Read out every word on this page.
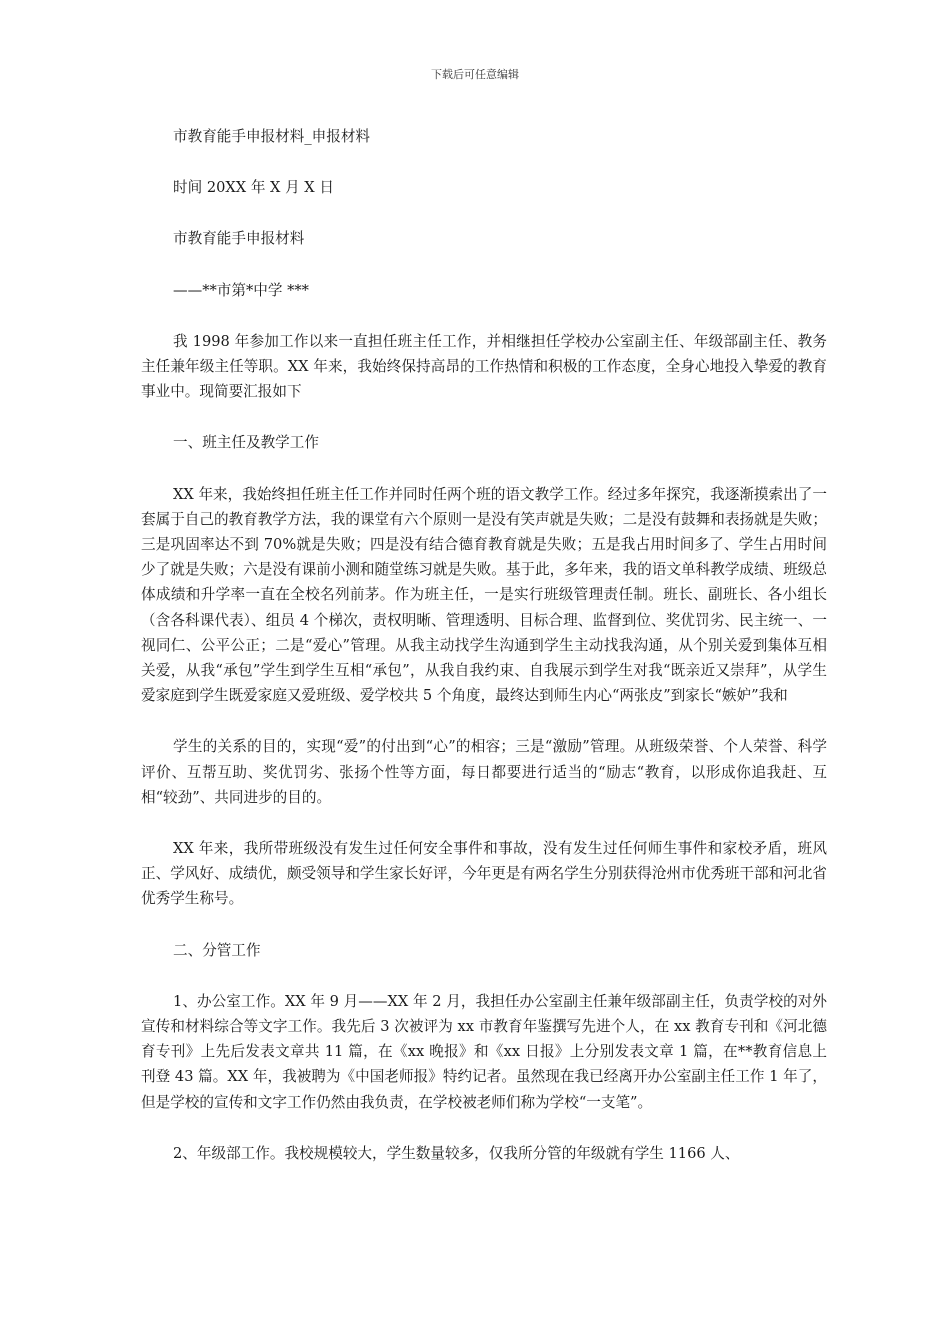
下载后可任意编辑

市教育能手申报材料_申报材料

时间 20XX 年 X 月 X 日

市教育能手申报材料

——**市第*中学 ***

我 1998 年参加工作以来一直担任班主任工作，并相继担任学校办公室副主任、年级部副主任、教务主任兼年级主任等职。XX 年来，我始终保持高昂的工作热情和积极的工作态度，全身心地投入挚爱的教育事业中。现简要汇报如下

一、班主任及教学工作

XX 年来，我始终担任班主任工作并同时任两个班的语文教学工作。经过多年探究，我逐渐摸索出了一套属于自己的教育教学方法，我的课堂有六个原则一是没有笑声就是失败；二是没有鼓舞和表扬就是失败；三是巩固率达不到 70%就是失败；四是没有结合德育教育就是失败；五是我占用时间多了、学生占用时间少了就是失败；六是没有课前小测和随堂练习就是失败。基于此，多年来，我的语文单科教学成绩、班级总体成绩和升学率一直在全校名列前茅。作为班主任，一是实行班级管理责任制。班长、副班长、各小组长（含各科课代表）、组员 4 个梯次，责权明晰、管理透明、目标合理、监督到位、奖优罚劣、民主统一、一视同仁、公平公正；二是“爱心”管理。从我主动找学生沟通到学生主动找我沟通，从个别关爱到集体互相关爱，从我“承包”学生到学生互相“承包”，从我自我约束、自我展示到学生对我“既亲近又崇拜”，从学生爱家庭到学生既爱家庭又爱班级、爱学校共 5 个角度，最终达到师生内心“两张皮”到家长“嫉妒”我和

学生的关系的目的，实现“爱”的付出到“心”的相容；三是“激励”管理。从班级荣誉、个人荣誉、科学评价、互帮互助、奖优罚劣、张扬个性等方面，每日都要进行适当的“励志“教育，以形成你追我赶、互相“较劲”、共同进步的目的。

XX 年来，我所带班级没有发生过任何安全事件和事故，没有发生过任何师生事件和家校矛盾，班风正、学风好、成绩优，颇受领导和学生家长好评，今年更是有两名学生分别获得沧州市优秀班干部和河北省优秀学生称号。

二、分管工作

1、办公室工作。XX 年 9 月——XX 年 2 月，我担任办公室副主任兼年级部副主任，负责学校的对外宣传和材料综合等文字工作。我先后 3 次被评为 xx 市教育年鉴撰写先进个人，在 xx 教育专刊和《河北德育专刊》上先后发表文章共 11 篇，在《xx 晚报》和《xx 日报》上分别发表文章 1 篇，在**教育信息上刊登 43 篇。XX 年，我被聘为《中国老师报》特约记者。虽然现在我已经离开办公室副主任工作 1 年了，但是学校的宣传和文字工作仍然由我负责，在学校被老师们称为学校“一支笔”。

2、年级部工作。我校规模较大，学生数量较多，仅我所分管的年级就有学生 1166 人、
